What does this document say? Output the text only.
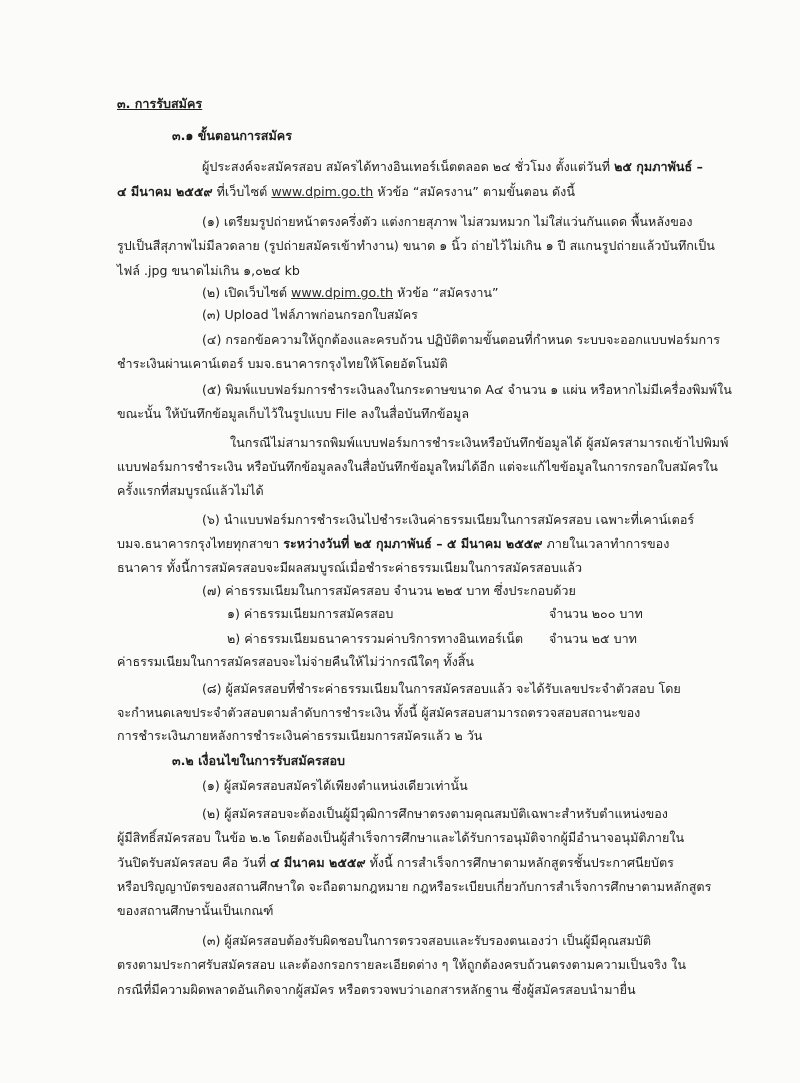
๓. การรับสมัคร
๓.๑ ขั้นตอนการสมัคร
ผู้ประสงค์จะสมัครสอบ สมัครได้ทางอินเทอร์เน็ตตลอด ๒๔ ชั่วโมง ตั้งแต่วันที่ ๒๕ กุมภาพันธ์ –
๔ มีนาคม ๒๕๕๙ ที่เว็บไซต์ www.dpim.go.th หัวข้อ “สมัครงาน” ตามขั้นตอน ดังนี้
(๑) เตรียมรูปถ่ายหน้าตรงครึ่งตัว แต่งกายสุภาพ ไม่สวมหมวก ไม่ใส่แว่นกันแดด พื้นหลังของ
รูปเป็นสีสุภาพไม่มีลวดลาย (รูปถ่ายสมัครเข้าทำงาน) ขนาด ๑ นิ้ว ถ่ายไว้ไม่เกิน ๑ ปี สแกนรูปถ่ายแล้วบันทึกเป็น
ไฟล์ .jpg ขนาดไม่เกิน ๑,๐๒๔ kb
(๒) เปิดเว็บไซต์ www.dpim.go.th หัวข้อ “สมัครงาน”
(๓) Upload ไฟล์ภาพก่อนกรอกใบสมัคร
(๔) กรอกข้อความให้ถูกต้องและครบถ้วน ปฏิบัติตามขั้นตอนที่กำหนด ระบบจะออกแบบฟอร์มการ
ชำระเงินผ่านเคาน์เตอร์ บมจ.ธนาคารกรุงไทยให้โดยอัตโนมัติ
(๕) พิมพ์แบบฟอร์มการชำระเงินลงในกระดาษขนาด A๔ จำนวน ๑ แผ่น หรือหากไม่มีเครื่องพิมพ์ใน
ขณะนั้น ให้บันทึกข้อมูลเก็บไว้ในรูปแบบ File ลงในสื่อบันทึกข้อมูล
ในกรณีไม่สามารถพิมพ์แบบฟอร์มการชำระเงินหรือบันทึกข้อมูลได้ ผู้สมัครสามารถเข้าไปพิมพ์
แบบฟอร์มการชำระเงิน หรือบันทึกข้อมูลลงในสื่อบันทึกข้อมูลใหม่ได้อีก แต่จะแก้ไขข้อมูลในการกรอกใบสมัครใน
ครั้งแรกที่สมบูรณ์แล้วไม่ได้
(๖) นำแบบฟอร์มการชำระเงินไปชำระเงินค่าธรรมเนียมในการสมัครสอบ เฉพาะที่เคาน์เตอร์
บมจ.ธนาคารกรุงไทยทุกสาขา ระหว่างวันที่ ๒๕ กุมภาพันธ์ – ๕ มีนาคม ๒๕๕๙ ภายในเวลาทำการของ
ธนาคาร ทั้งนี้การสมัครสอบจะมีผลสมบูรณ์เมื่อชำระค่าธรรมเนียมในการสมัครสอบแล้ว
(๗) ค่าธรรมเนียมในการสมัครสอบ จำนวน ๒๒๕ บาท ซึ่งประกอบด้วย
๑) ค่าธรรมเนียมการสมัครสอบ	จำนวน ๒๐๐ บาท
๒) ค่าธรรมเนียมธนาคารรวมค่าบริการทางอินเทอร์เน็ต จำนวน ๒๕ บาท
ค่าธรรมเนียมในการสมัครสอบจะไม่จ่ายคืนให้ไม่ว่ากรณีใดๆ ทั้งสิ้น
(๘) ผู้สมัครสอบที่ชำระค่าธรรมเนียมในการสมัครสอบแล้ว จะได้รับเลขประจำตัวสอบ โดย
จะกำหนดเลขประจำตัวสอบตามลำดับการชำระเงิน ทั้งนี้ ผู้สมัครสอบสามารถตรวจสอบสถานะของ
การชำระเงินภายหลังการชำระเงินค่าธรรมเนียมการสมัครแล้ว ๒ วัน
๓.๒ เงื่อนไขในการรับสมัครสอบ
(๑) ผู้สมัครสอบสมัครได้เพียงตำแหน่งเดียวเท่านั้น
(๒) ผู้สมัครสอบจะต้องเป็นผู้มีวุฒิการศึกษาตรงตามคุณสมบัติเฉพาะสำหรับตำแหน่งของ
ผู้มีสิทธิ์สมัครสอบ ในข้อ ๒.๒ โดยต้องเป็นผู้สำเร็จการศึกษาและได้รับการอนุมัติจากผู้มีอำนาจอนุมัติภายใน
วันปิดรับสมัครสอบ คือ วันที่ ๔ มีนาคม ๒๕๕๙ ทั้งนี้ การสำเร็จการศึกษาตามหลักสูตรชั้นประกาศนียบัตร
หรือปริญญาบัตรของสถานศึกษาใด จะถือตามกฎหมาย กฎหรือระเบียบเกี่ยวกับการสำเร็จการศึกษาตามหลักสูตร
ของสถานศึกษานั้นเป็นเกณฑ์
(๓) ผู้สมัครสอบต้องรับผิดชอบในการตรวจสอบและรับรองตนเองว่า เป็นผู้มีคุณสมบัติ
ตรงตามประกาศรับสมัครสอบ และต้องกรอกรายละเอียดต่าง ๆ ให้ถูกต้องครบถ้วนตรงตามความเป็นจริง ใน
กรณีที่มีความผิดพลาดอันเกิดจากผู้สมัคร หรือตรวจพบว่าเอกสารหลักฐาน ซึ่งผู้สมัครสอบนำมายื่น
